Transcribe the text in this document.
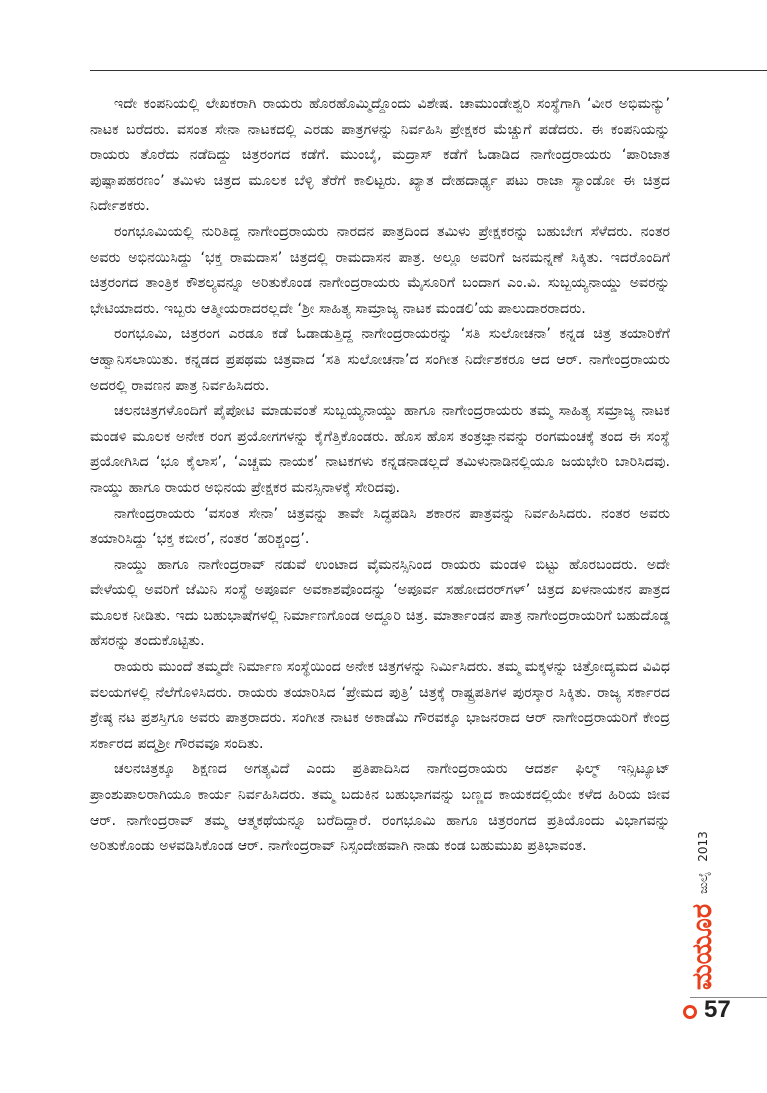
ಇದೇ ಕಂಪನಿಯಲ್ಲಿ ಲೇಖಕರಾಗಿ ರಾಯರು ಹೊರಹೊಮ್ಮಿದ್ದೊಂದು ವಿಶೇಷ. ಚಾಮುಂಡೇಶ್ವರಿ ಸಂಸ್ಥೆಗಾಗಿ ‘ವೀರ ಅಭಿಮನ್ಯು’ ನಾಟಕ ಬರೆದರು. ವಸಂತ ಸೇನಾ ನಾಟಕದಲ್ಲಿ ಎರಡು ಪಾತ್ರಗಳನ್ನು ನಿರ್ವಹಿಸಿ ಪ್ರೇಕ್ಷಕರ ಮೆಚ್ಚುಗೆ ಪಡೆದರು. ಈ ಕಂಪನಿಯನ್ನು ರಾಯರು ತೊರೆದು ನಡೆದಿದ್ದು ಚಿತ್ರರಂಗದ ಕಡೆಗೆ. ಮುಂಬೈ, ಮದ್ರಾಸ್ ಕಡೆಗೆ ಓಡಾಡಿದ ನಾಗೇಂದ್ರರಾಯರು ‘ಪಾರಿಜಾತ ಪುಷ್ಪಾಪಹರಣಂ’ ತಮಿಳು ಚಿತ್ರದ ಮೂಲಕ ಬೆಳ್ಳಿ ತೆರೆಗೆ ಕಾಲಿಟ್ಟರು. ಖ್ಯಾತ ದೇಹದಾರ್ಢ್ಯ ಪಟು ರಾಜಾ ಸ್ಯಾಂಡೋ ಈ ಚಿತ್ರದ ನಿರ್ದೇಶಕರು.

ರಂಗಭೂಮಿಯಲ್ಲಿ ನುರಿತಿದ್ದ ನಾಗೇಂದ್ರರಾಯರು ನಾರದನ ಪಾತ್ರದಿಂದ ತಮಿಳು ಪ್ರೇಕ್ಷಕರನ್ನು ಬಹುಬೇಗ ಸೆಳೆದರು. ನಂತರ ಅವರು ಅಭಿನಯಿಸಿದ್ದು ‘ಭಕ್ತ ರಾಮದಾಸ’ ಚಿತ್ರದಲ್ಲಿ ರಾಮದಾಸನ ಪಾತ್ರ. ಅಲ್ಲೂ ಅವರಿಗೆ ಜನಮನ್ನಣೆ ಸಿಕ್ಕಿತು. ಇದರೊಂದಿಗೆ ಚಿತ್ರರಂಗದ ತಾಂತ್ರಿಕ ಕೌಶಲ್ಯವನ್ನೂ ಅರಿತುಕೊಂಡ ನಾಗೇಂದ್ರರಾಯರು ಮೈಸೂರಿಗೆ ಬಂದಾಗ ಎಂ.ವಿ. ಸುಬ್ಬಯ್ಯನಾಯ್ಡು ಅವರನ್ನು ಭೇಟಿಯಾದರು. ಇಬ್ಬರು ಆತ್ಮೀಯರಾದರಲ್ಲದೇ ‘ಶ್ರೀ ಸಾಹಿತ್ಯ ಸಾಮ್ರಾಜ್ಯ ನಾಟಕ ಮಂಡಲಿ’ಯ ಪಾಲುದಾರರಾದರು.

ರಂಗಭೂಮಿ, ಚಿತ್ರರಂಗ ಎರಡೂ ಕಡೆ ಓಡಾಡುತ್ತಿದ್ದ ನಾಗೇಂದ್ರರಾಯರನ್ನು ‘ಸತಿ ಸುಲೋಚನಾ’ ಕನ್ನಡ ಚಿತ್ರ ತಯಾರಿಕೆಗೆ ಆಹ್ವಾನಿಸಲಾಯಿತು. ಕನ್ನಡದ ಪ್ರಪಥಮ ಚಿತ್ರವಾದ ‘ಸತಿ ಸುಲೋಚನಾ’ದ ಸಂಗೀತ ನಿರ್ದೇಶಕರೂ ಆದ ಆರ್. ನಾಗೇಂದ್ರರಾಯರು ಅದರಲ್ಲಿ ರಾವಣನ ಪಾತ್ರ ನಿರ್ವಹಿಸಿದರು.

ಚಲನಚಿತ್ರಗಳೊಂದಿಗೆ ಪೈಪೋಟಿ ಮಾಡುವಂತೆ ಸುಬ್ಬಯ್ಯನಾಯ್ಡು ಹಾಗೂ ನಾಗೇಂದ್ರರಾಯರು ತಮ್ಮ ಸಾಹಿತ್ಯ ಸಮ್ರಾಜ್ಯ ನಾಟಕ ಮಂಡಳಿ ಮೂಲಕ ಅನೇಕ ರಂಗ ಪ್ರಯೋಗಗಳನ್ನು ಕೈಗೆತ್ತಿಕೊಂಡರು. ಹೊಸ ಹೊಸ ತಂತ್ರಜ್ಞಾನವನ್ನು ರಂಗಮಂಚಕ್ಕೆ ತಂದ ಈ ಸಂಸ್ಥೆ ಪ್ರಯೋಗಿಸಿದ ‘ಭೂ ಕೈಲಾಸ’, ‘ಎಚ್ಚಮ ನಾಯಕ’ ನಾಟಕಗಳು ಕನ್ನಡನಾಡಲ್ಲದೆ ತಮಿಳುನಾಡಿನಲ್ಲಿಯೂ ಜಯಭೇರಿ ಬಾರಿಸಿದವು. ನಾಯ್ಡು ಹಾಗೂ ರಾಯರ ಅಭಿನಯ ಪ್ರೇಕ್ಷಕರ ಮನಸ್ಸಿನಾಳಕ್ಕೆ ಸೇರಿದವು.

ನಾಗೇಂದ್ರರಾಯರು ‘ವಸಂತ ಸೇನಾ’ ಚಿತ್ರವನ್ನು ತಾವೇ ಸಿದ್ಧಪಡಿಸಿ ಶಕಾರನ ಪಾತ್ರವನ್ನು ನಿರ್ವಹಿಸಿದರು. ನಂತರ ಅವರು ತಯಾರಿಸಿದ್ದು ‘ಭಕ್ತ ಕಬೀರ’, ನಂತರ ‘ಹರಿಶ್ಚಂದ್ರ’.

ನಾಯ್ಡು ಹಾಗೂ ನಾಗೇಂದ್ರರಾವ್ ನಡುವೆ ಉಂಟಾದ ವೈಮನಸ್ಸಿನಿಂದ ರಾಯರು ಮಂಡಳಿ ಬಿಟ್ಟು ಹೊರಬಂದರು. ಅದೇ ವೇಳೆಯಲ್ಲಿ ಅವರಿಗೆ ಜೆಮಿನಿ ಸಂಸ್ಥೆ ಅಪೂರ್ವ ಅವಕಾಶವೊಂದನ್ನು ‘ಅಪೂರ್ವ ಸಹೋದರರ್‌ಗಳ್’ ಚಿತ್ರದ ಖಳನಾಯಕನ ಪಾತ್ರದ ಮೂಲಕ ನೀಡಿತು. ಇದು ಬಹುಭಾಷೆಗಳಲ್ಲಿ ನಿರ್ಮಾಣಗೊಂಡ ಅದ್ಧೂರಿ ಚಿತ್ರ. ಮಾರ್ತಾಂಡನ ಪಾತ್ರ ನಾಗೇಂದ್ರರಾಯರಿಗೆ ಬಹುದೊಡ್ಡ ಹೆಸರನ್ನು ತಂದುಕೊಟ್ಟಿತು.

ರಾಯರು ಮುಂದೆ ತಮ್ಮದೇ ನಿರ್ಮಾಣ ಸಂಸ್ಥೆಯಿಂದ ಅನೇಕ ಚಿತ್ರಗಳನ್ನು ನಿರ್ಮಿಸಿದರು. ತಮ್ಮ ಮಕ್ಕಳನ್ನು ಚಿತ್ರೋದ್ಯಮದ ವಿವಿಧ ವಲಯಗಳಲ್ಲಿ ನೆಲೆಗೊಳಿಸಿದರು. ರಾಯರು ತಯಾರಿಸಿದ ‘ಪ್ರೇಮದ ಪುತ್ರಿ’ ಚಿತ್ರಕ್ಕೆ ರಾಷ್ಟ್ರಪತಿಗಳ ಪುರಸ್ಕಾರ ಸಿಕ್ಕಿತು. ರಾಜ್ಯ ಸರ್ಕಾರದ ಶ್ರೇಷ್ಠ ನಟ ಪ್ರಶಸ್ತಿಗೂ ಅವರು ಪಾತ್ರರಾದರು. ಸಂಗೀತ ನಾಟಕ ಅಕಾಡೆಮಿ ಗೌರವಕ್ಕೂ ಭಾಜನರಾದ ಆರ್ ನಾಗೇಂದ್ರರಾಯರಿಗೆ ಕೇಂದ್ರ ಸರ್ಕಾರದ ಪದ್ಮಶ್ರೀ ಗೌರವವೂ ಸಂದಿತು.

ಚಲನಚಿತ್ರಕ್ಕೂ ಶಿಕ್ಷಣದ ಅಗತ್ಯವಿದೆ ಎಂದು ಪ್ರತಿಪಾದಿಸಿದ ನಾಗೇಂದ್ರರಾಯರು ಆದರ್ಶ ಫಿಲ್ಮ್ ಇನ್ಸಿಟ್ಯೂಟ್ ಪ್ರಾಂಶುಪಾಲರಾಗಿಯೂ ಕಾರ್ಯ ನಿರ್ವಹಿಸಿದರು. ತಮ್ಮ ಬದುಕಿನ ಬಹುಭಾಗವನ್ನು ಬಣ್ಣದ ಕಾಯಕದಲ್ಲಿಯೇ ಕಳೆದ ಹಿರಿಯ ಜೀವ ಆರ್. ನಾಗೇಂದ್ರರಾವ್ ತಮ್ಮ ಆತ್ಮಕಥೆಯನ್ನೂ ಬರೆದಿದ್ದಾರೆ. ರಂಗಭೂಮಿ ಹಾಗೂ ಚಿತ್ರರಂಗದ ಪ್ರತಿಯೊಂದು ವಿಭಾಗವನ್ನು ಅರಿತುಕೊಂಡು ಅಳವಡಿಸಿಕೊಂಡ ಆರ್. ನಾಗೇಂದ್ರರಾವ್ ನಿಸ್ಸಂದೇಹವಾಗಿ ನಾಡು ಕಂಡ ಬಹುಮುಖ ಪ್ರತಿಭಾವಂತ.

ಮಯೂರ
ಜುಲೈ
2013
57
